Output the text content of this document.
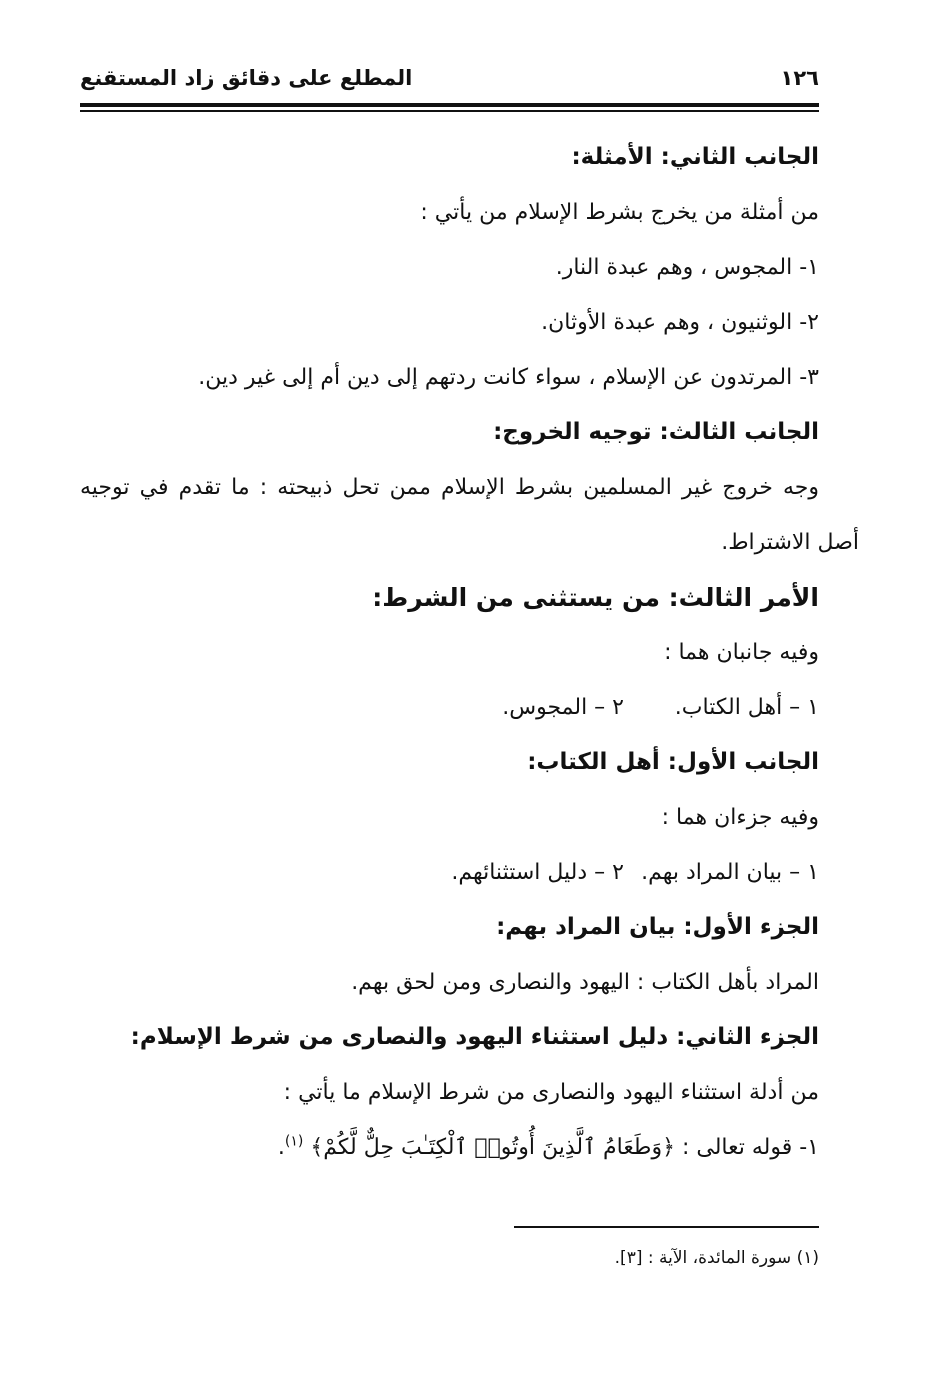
١٢٦
المطلع على دقائق زاد المستقنع
الجانب الثاني: الأمثلة:
من أمثلة من يخرج بشرط الإسلام من يأتي :
١- المجوس ، وهم عبدة النار.
٢- الوثنيون ، وهم عبدة الأوثان.
٣- المرتدون عن الإسلام ، سواء كانت ردتهم إلى دين أم إلى غير دين.
الجانب الثالث: توجيه الخروج:
وجه خروج غير المسلمين بشرط الإسلام ممن تحل ذبيحته : ما تقدم في توجيه
أصل الاشتراط.
الأمر الثالث: من يستثنى من الشرط:
وفيه جانبان هما :
١ – أهل الكتاب.
٢ – المجوس.
الجانب الأول: أهل الكتاب:
وفيه جزءان هما :
١ – بيان المراد بهم.
٢ – دليل استثنائهم.
الجزء الأول: بيان المراد بهم:
المراد بأهل الكتاب : اليهود والنصارى ومن لحق بهم.
الجزء الثاني: دليل استثناء اليهود والنصارى من شرط الإسلام:
من أدلة استثناء اليهود والنصارى من شرط الإسلام ما يأتي :
١- قوله تعالى : ﴿وَطَعَامُ ٱلَّذِينَ أُوتُوا۟ ٱلْكِتَـٰبَ حِلٌّ لَّكُمْ﴾ $^{(١)}$.
(١) سورة المائدة، الآية : [٣].
